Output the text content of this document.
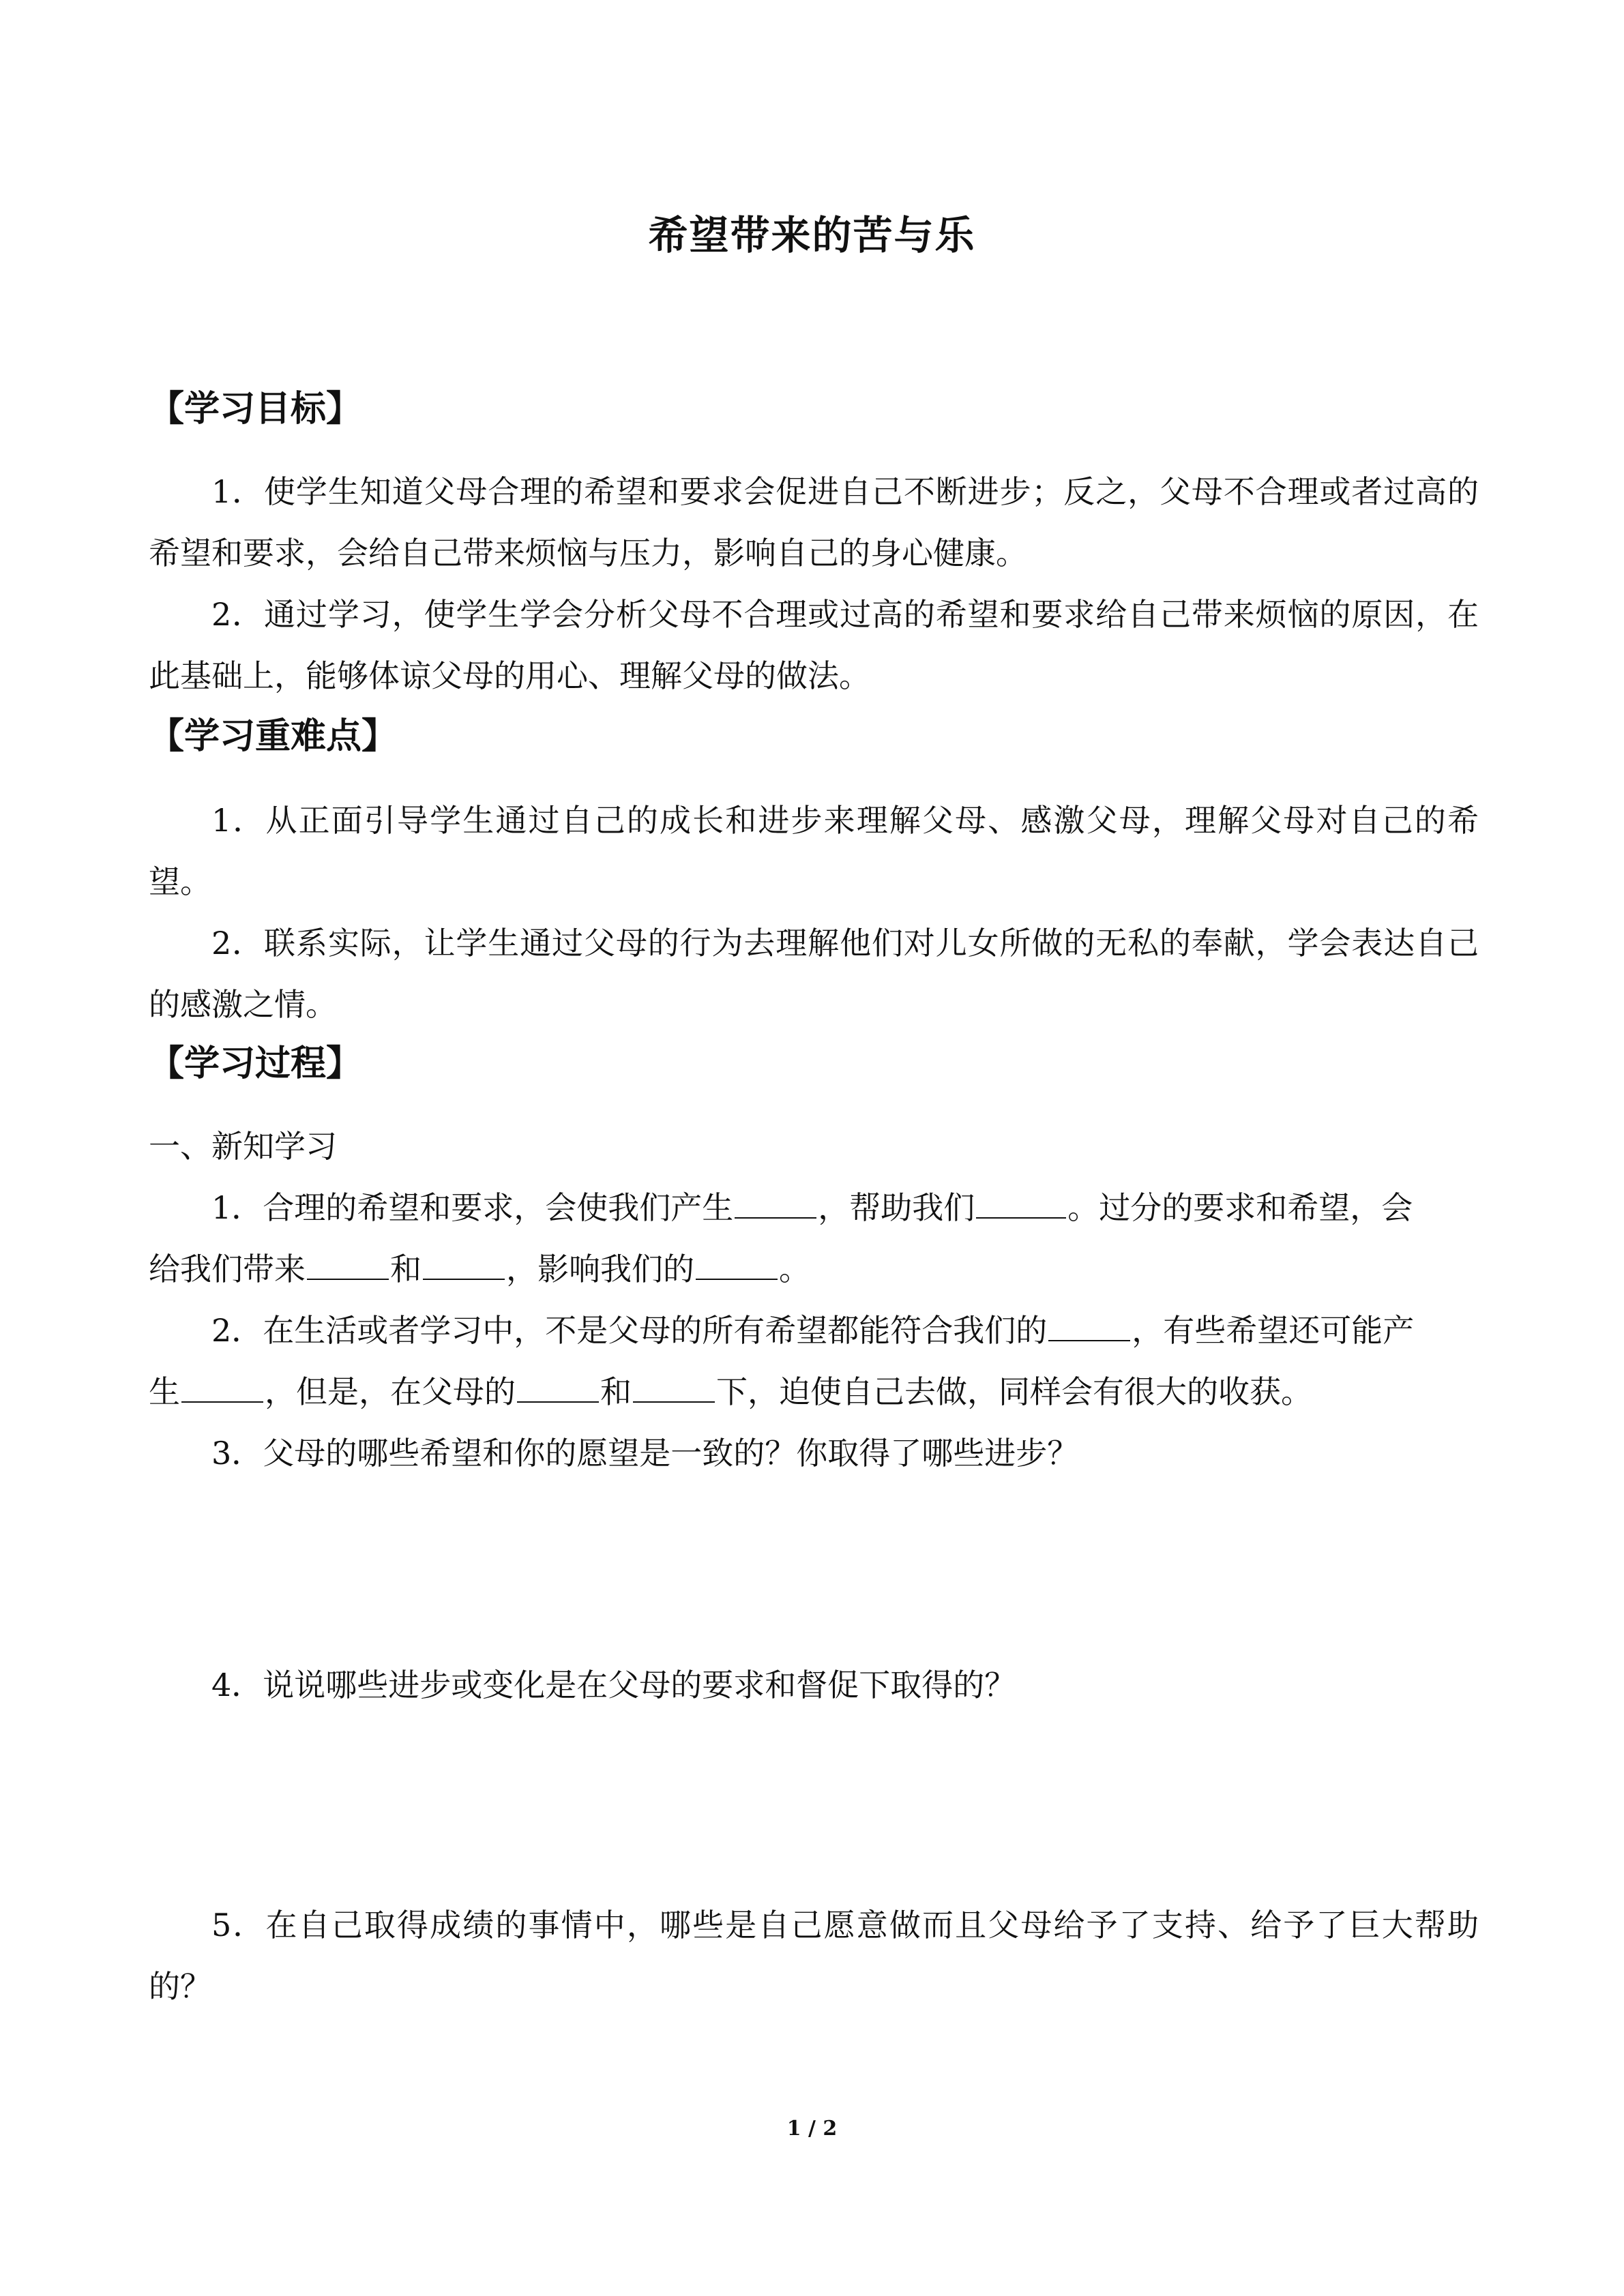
希望带来的苦与乐
【学习目标】
1．使学生知道父母合理的希望和要求会促进自己不断进步；反之，父母不合理或者过高的希望和要求，会给自己带来烦恼与压力，影响自己的身心健康。
2．通过学习，使学生学会分析父母不合理或过高的希望和要求给自己带来烦恼的原因，在此基础上，能够体谅父母的用心、理解父母的做法。
【学习重难点】
1．从正面引导学生通过自己的成长和进步来理解父母、感激父母，理解父母对自己的希望。
2．联系实际，让学生通过父母的行为去理解他们对儿女所做的无私的奉献，学会表达自己的感激之情。
【学习过程】
一、新知学习
1．合理的希望和要求，会使我们产生	，帮助我们	。过分的要求和希望，会
给我们带来	和	，影响我们的	。
2．在生活或者学习中，不是父母的所有希望都能符合我们的	，有些希望还可能产
生	，但是，在父母的	和	下，迫使自己去做，同样会有很大的收获。
3．父母的哪些希望和你的愿望是一致的？你取得了哪些进步？
4．说说哪些进步或变化是在父母的要求和督促下取得的？
5．在自己取得成绩的事情中，哪些是自己愿意做而且父母给予了支持、给予了巨大帮助的？
1 / 2
